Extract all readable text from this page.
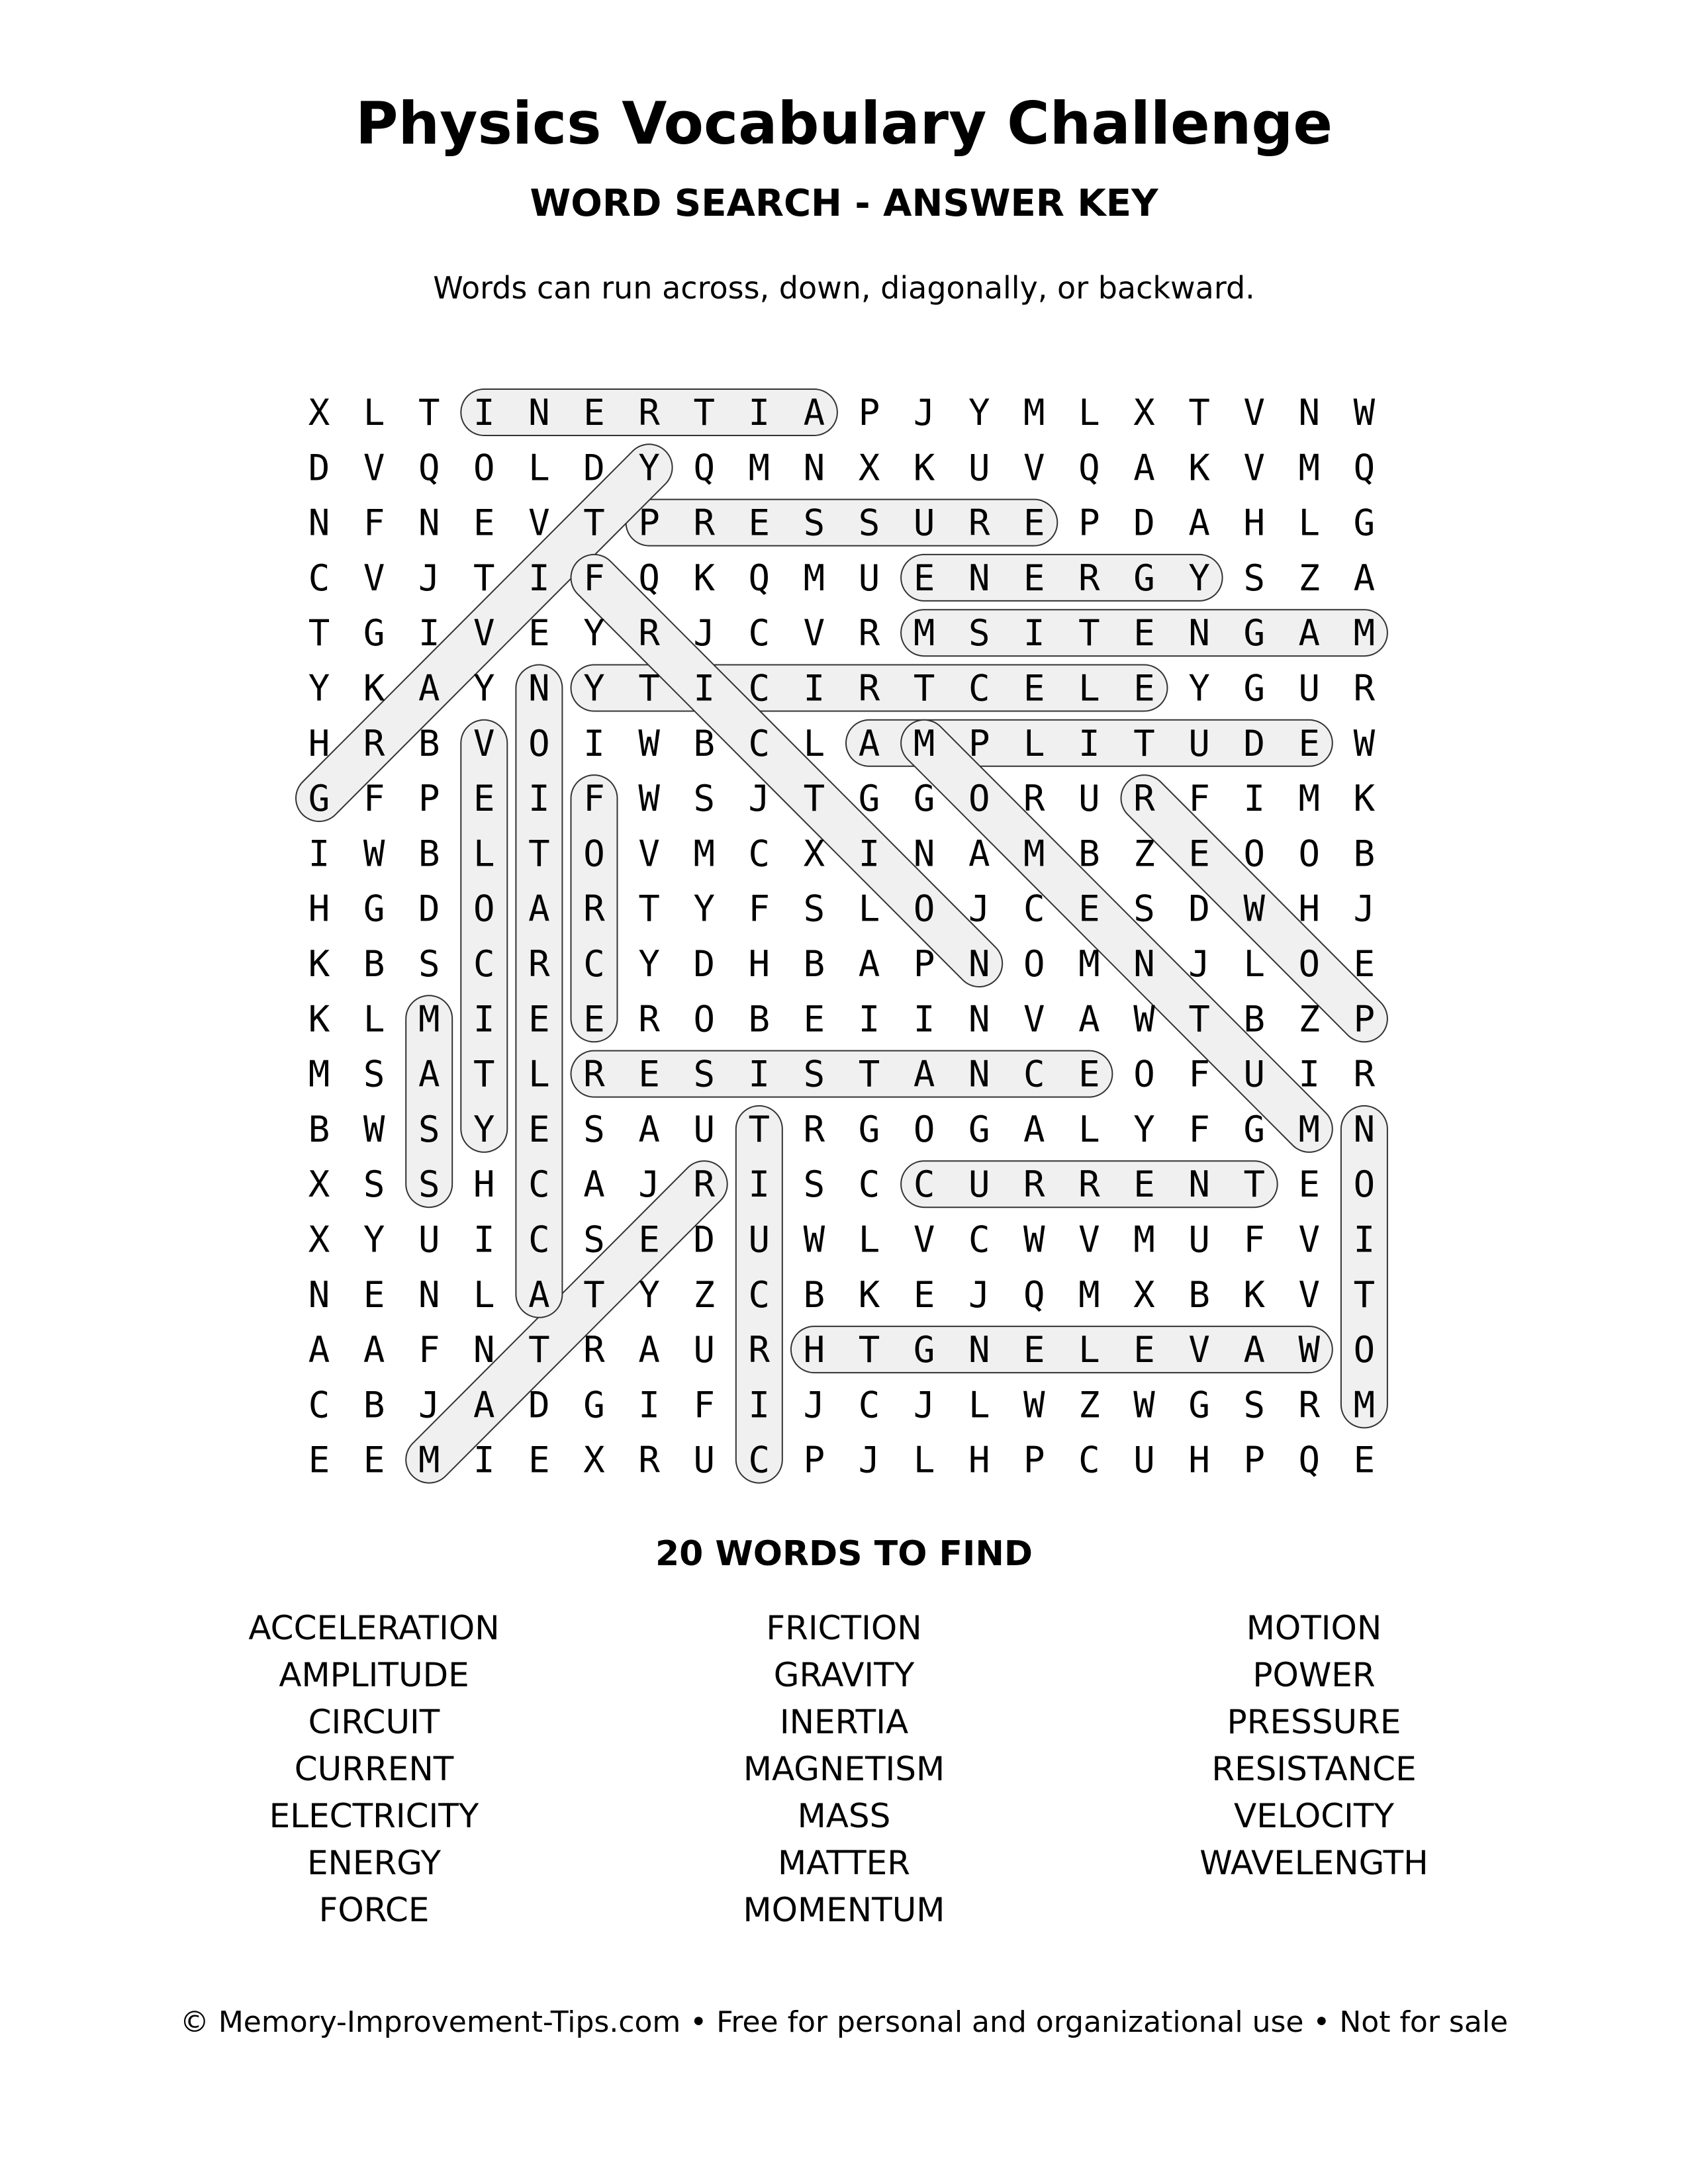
Physics Vocabulary Challenge
WORD SEARCH - ANSWER KEY
Words can run across, down, diagonally, or backward.
X L T I N E R T I A P J Y M L X T V N W
D V Q O L D Y Q M N X K U V Q A K V M Q
N F N E V T P R E S S U R E P D A H L G
C V J T I F Q K Q M U E N E R G Y S Z A
T G I V E Y R J C V R M S I T E N G A M
Y K A Y N Y T I C I R T C E L E Y G U R
H R B V O I W B C L A M P L I T U D E W
G F P E I F W S J T G G O R U R F I M K
I W B L T O V M C X I N A M B Z E O O B
H G D O A R T Y F S L O J C E S D W H J
K B S C R C Y D H B A P N O M N J L O E
K L M I E E R O B E I I N V A W T B Z P
M S A T L R E S I S T A N C E O F U I R
B W S Y E S A U T R G O G A L Y F G M N
X S S H C A J R I S C C U R R E N T E O
X Y U I C S E D U W L V C W V M U F V I
N E N L A T Y Z C B K E J Q M X B K V T
A A F N T R A U R H T G N E L E V A W O
C B J A D G I F I J C J L W Z W G S R M
E E M I E X R U C P J L H P C U H P Q E
20 WORDS TO FIND
ACCELERATION
AMPLITUDE
CIRCUIT
CURRENT
ELECTRICITY
ENERGY
FORCE
FRICTION
GRAVITY
INERTIA
MAGNETISM
MASS
MATTER
MOMENTUM
MOTION
POWER
PRESSURE
RESISTANCE
VELOCITY
WAVELENGTH
© Memory-Improvement-Tips.com • Free for personal and organizational use • Not for sale
